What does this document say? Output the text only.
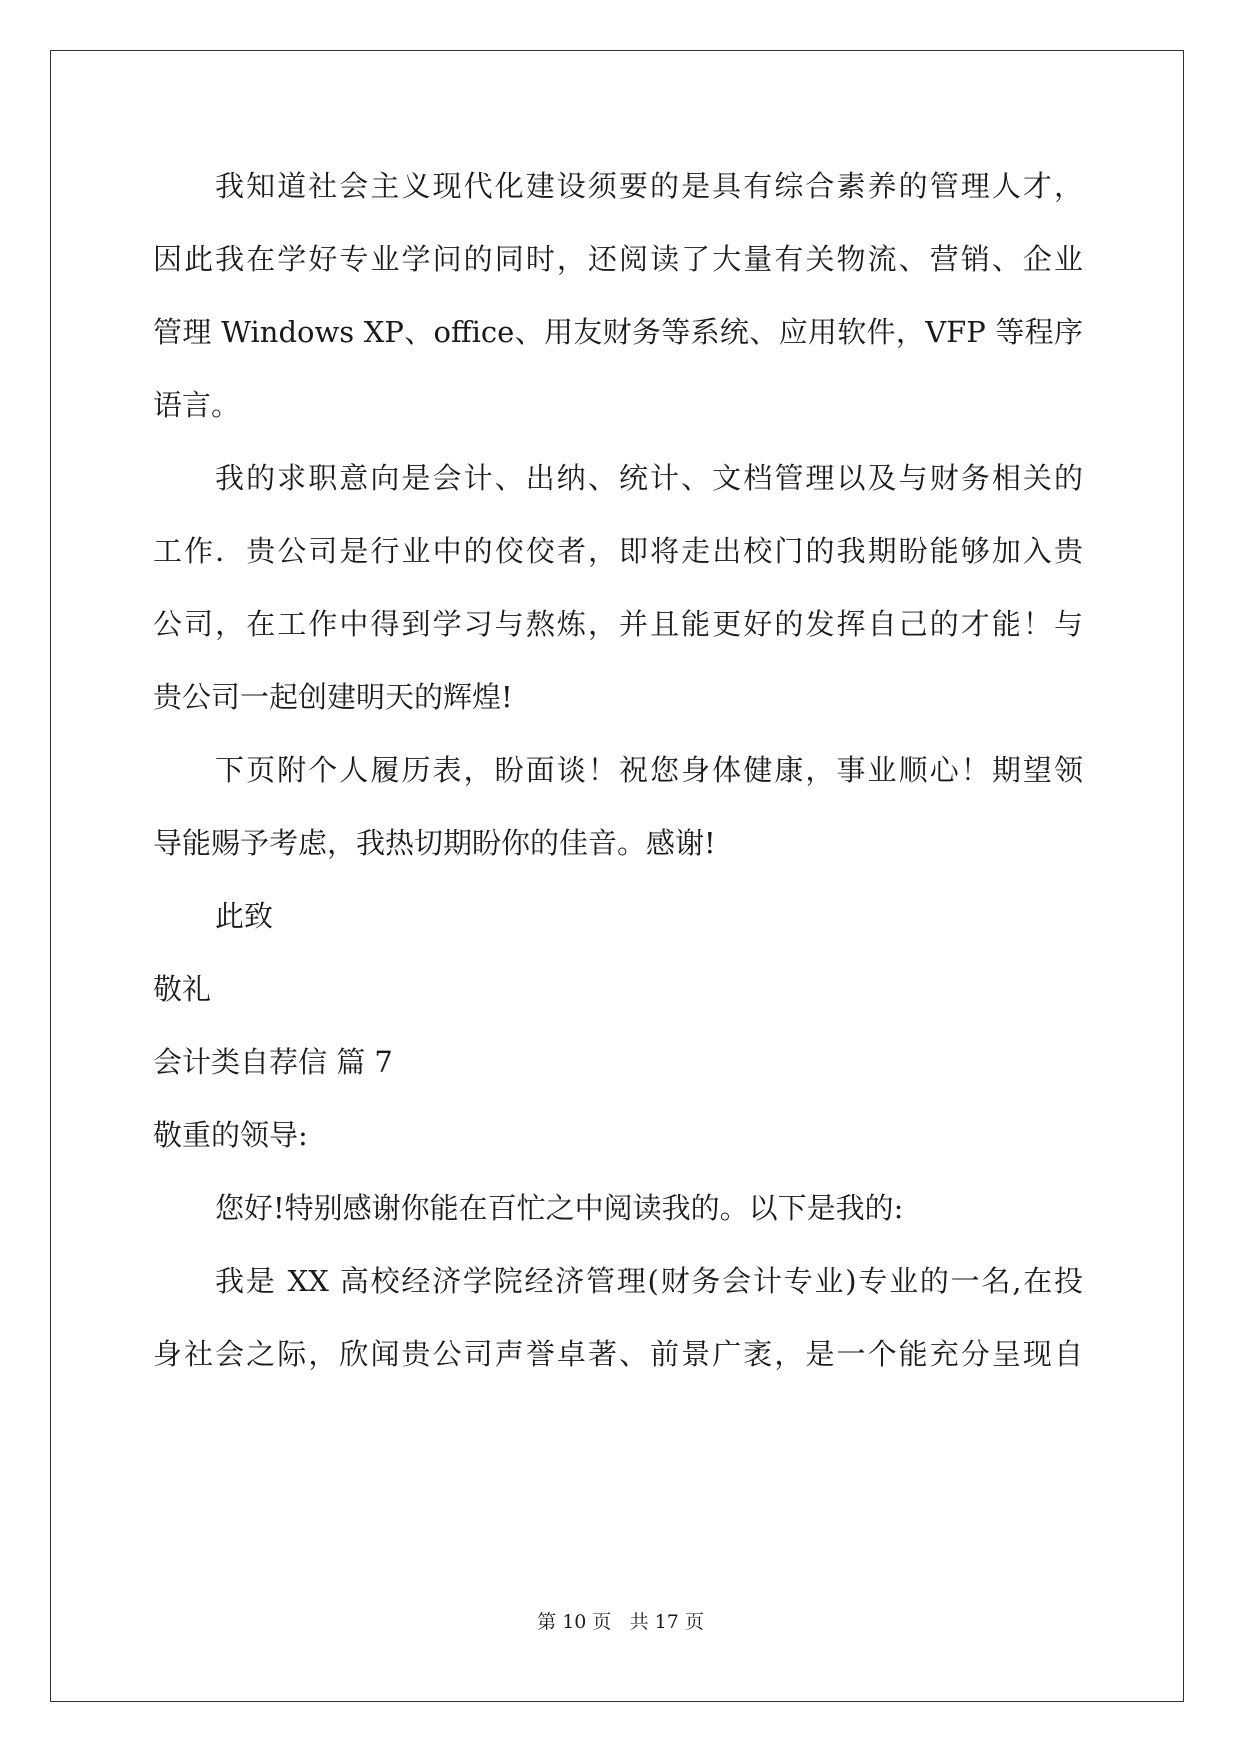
我知道社会主义现代化建设须要的是具有综合素养的管理人才，
因此我在学好专业学问的同时，还阅读了大量有关物流、营销、企业
管理 Windows XP、office、用友财务等系统、应用软件，VFP 等程序
语言。
我的求职意向是会计、出纳、统计、文档管理以及与财务相关的
工作．贵公司是行业中的佼佼者，即将走出校门的我期盼能够加入贵
公司，在工作中得到学习与熬炼，并且能更好的发挥自己的才能！与
贵公司一起创建明天的辉煌!
下页附个人履历表，盼面谈！祝您身体健康，事业顺心！期望领
导能赐予考虑，我热切期盼你的佳音。感谢!
此致
敬礼
会计类自荐信 篇 7
敬重的领导:
您好!特别感谢你能在百忙之中阅读我的。以下是我的:
我是 XX 高校经济学院经济管理(财务会计专业)专业的一名,在投
身社会之际，欣闻贵公司声誉卓著、前景广袤，是一个能充分呈现自
第 10 页 共 17 页
